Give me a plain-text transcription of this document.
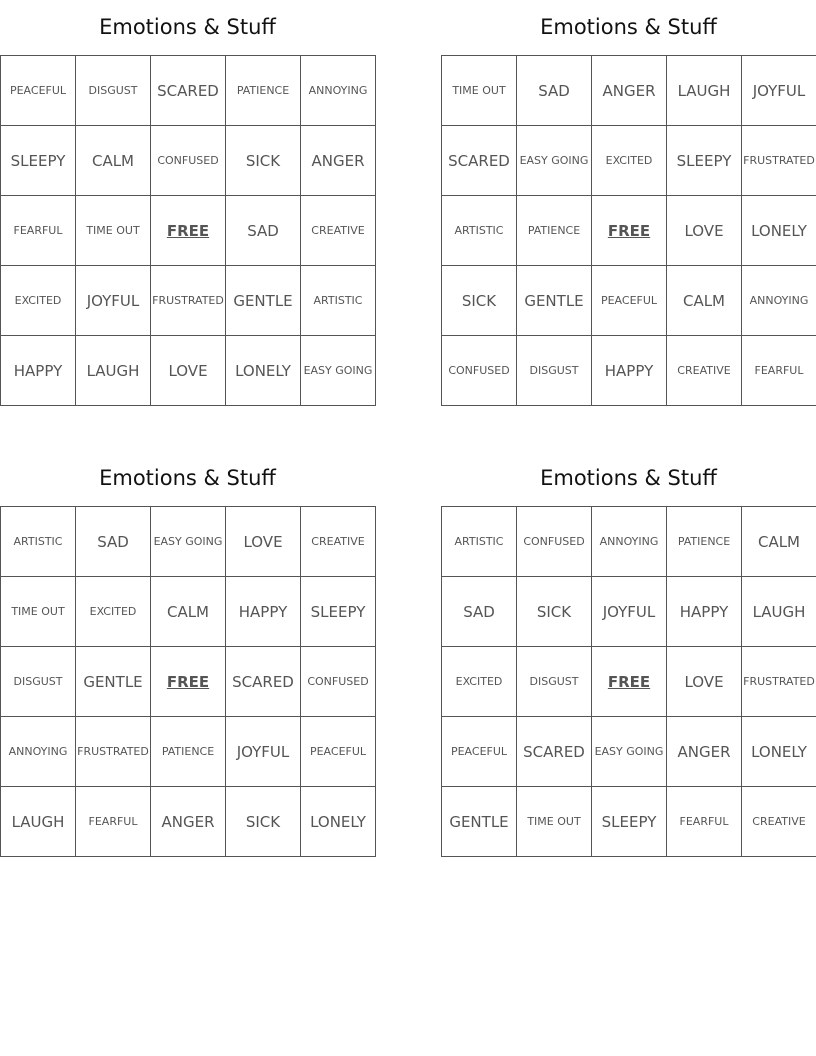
Emotions & Stuff
PEACEFUL	DISGUST	SCARED	PATIENCE	ANNOYING
SLEEPY	CALM	CONFUSED	SICK	ANGER
FEARFUL	TIME OUT	FREE	SAD	CREATIVE
EXCITED	JOYFUL	FRUSTRATED	GENTLE	ARTISTIC
HAPPY	LAUGH	LOVE	LONELY	EASY GOING
Emotions & Stuff
TIME OUT	SAD	ANGER	LAUGH	JOYFUL
SCARED	EASY GOING	EXCITED	SLEEPY	FRUSTRATED
ARTISTIC	PATIENCE	FREE	LOVE	LONELY
SICK	GENTLE	PEACEFUL	CALM	ANNOYING
CONFUSED	DISGUST	HAPPY	CREATIVE	FEARFUL
Emotions & Stuff
ARTISTIC	SAD	EASY GOING	LOVE	CREATIVE
TIME OUT	EXCITED	CALM	HAPPY	SLEEPY
DISGUST	GENTLE	FREE	SCARED	CONFUSED
ANNOYING	FRUSTRATED	PATIENCE	JOYFUL	PEACEFUL
LAUGH	FEARFUL	ANGER	SICK	LONELY
Emotions & Stuff
ARTISTIC	CONFUSED	ANNOYING	PATIENCE	CALM
SAD	SICK	JOYFUL	HAPPY	LAUGH
EXCITED	DISGUST	FREE	LOVE	FRUSTRATED
PEACEFUL	SCARED	EASY GOING	ANGER	LONELY
GENTLE	TIME OUT	SLEEPY	FEARFUL	CREATIVE
